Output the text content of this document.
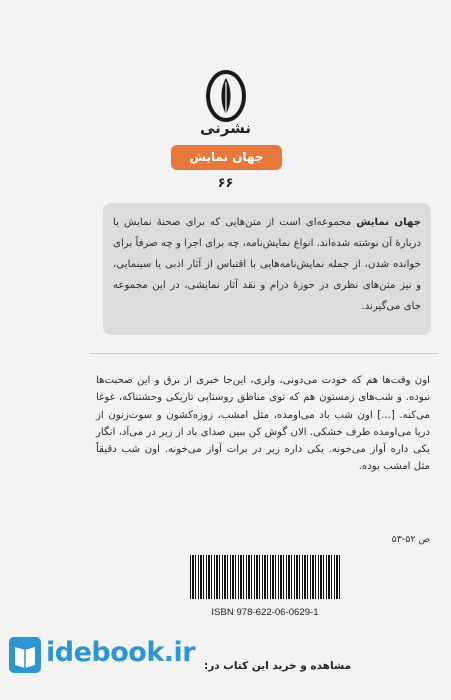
نشرنی
جهان نمایش
۶۶
جهان نمایش مجموعه‌ای است از متن‌هایی که برای صحنهٔ نمایش یا دربارهٔ آن نوشته شده‌اند. انواع نمایش‌نامه، چه برای اجرا و چه صرفاً برای خوانده شدن، از جمله نمایش‌نامه‌هایی با اقتباس از آثار ادبی یا سینمایی، و نیز متن‌های نظری در حوزهٔ درام و نقد آثار نمایشی، در این مجموعه جای می‌گیرند.
اون وقت‌ها هم که خودت می‌دونی، ولری، این‌جا خبری از برق و این صحبت‌ها نبوده. و شب‌های زمستون هم که توی مناطق روستایی تاریکی وحشتناکه، غوغا می‌کنه. [...] اون شب باد می‌اومده، مثل امشب، زوزه‌کشون و سوت‌زنون از دریا می‌اومده طرف خشکی. الان گوش کن ببین صدای باد از زیر در می‌آد، انگار یکی داره آواز می‌خونه. یکی داره زیر در برات آواز می‌خونه. اون شب دقیقاً مثل امشب بوده.
ص ۵۲-۵۳
ISBN 978-622-06-0629-1
idebook.ir مشاهده و خرید این کتاب در:
